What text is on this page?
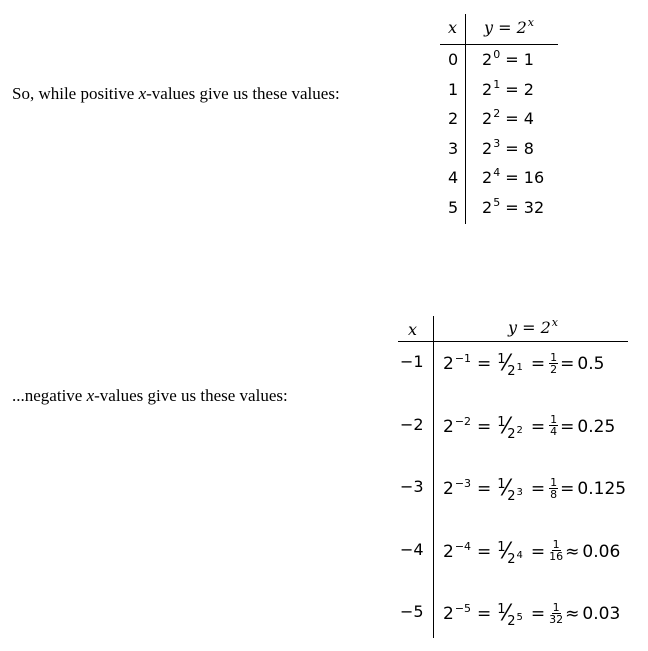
So, while positive x-values give us these values:
x $y = 2^x$
0 $2^0 = 1$
1 $2^1 = 2$
2 $2^2 = 4$
3 $2^3 = 8$
4 $2^4 = 16$
5 $2^5 = 32$
...negative x-values give us these values:
x	$y = 2^x$
−1 $2^{-1}$ = $^1⁄_{2^1} = \frac{1}{2} = 0.5$
−2 $2^{-2}$ = $^1⁄_{2^2} = \frac{1}{4} = 0.25$
−3 $2^{-3}$ = $^1⁄_{2^3} = \frac{1}{8} = 0.125$
−4 $2^{-4}$ = $^1⁄_{2^4} = \frac{1}{16} \approx 0.06$
−5 $2^{-5}$ = $^1⁄_{2^5} = \frac{1}{32} \approx 0.03$
